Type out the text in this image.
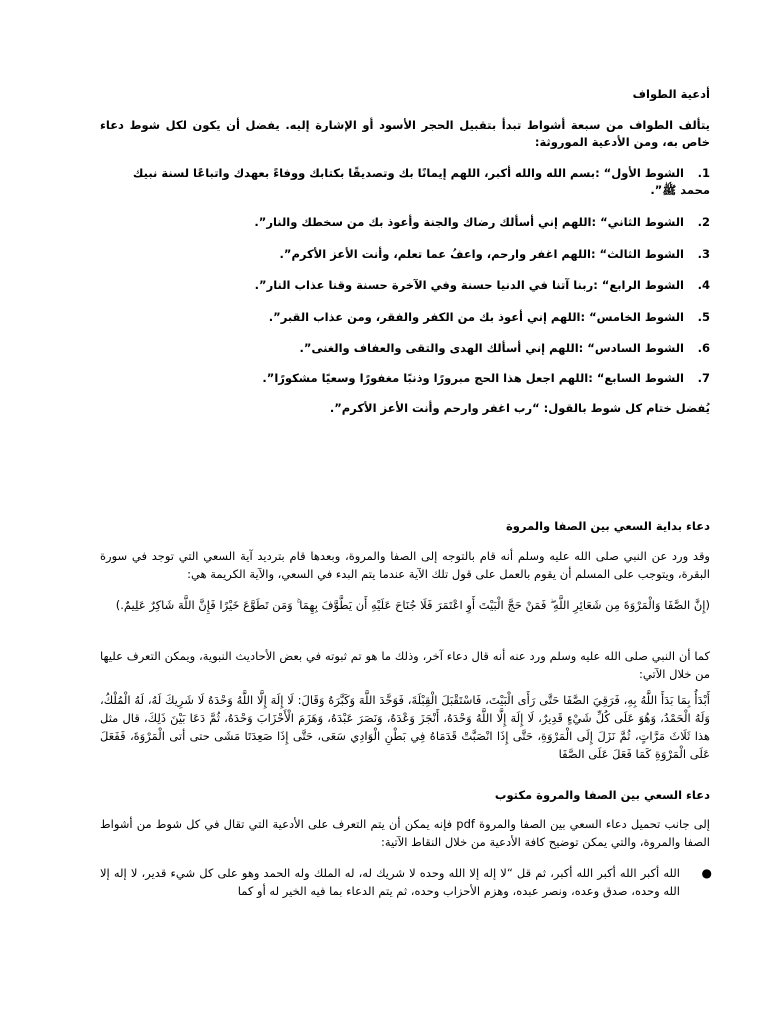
أدعية الطواف
يتألف الطواف من سبعة أشواط تبدأ بتقبيل الحجر الأسود أو الإشارة إليه. يفضل أن يكون لكل شوط دعاء خاص به، ومن الأدعية الموروثة:
1.الشوط الأول“ :بسم الله والله أكبر، اللهم إيمانًا بك وتصديقًا بكتابك ووفاءً بعهدك واتباعًا لسنة نبيك محمد ﷺ”.
2.الشوط الثاني“ :اللهم إني أسألك رضاك والجنة وأعوذ بك من سخطك والنار”.
3.الشوط الثالث“ :اللهم اغفر وارحم، واعفُ عما تعلم، وأنت الأعز الأكرم”.
4.الشوط الرابع“ :ربنا آتنا في الدنيا حسنة وفي الآخرة حسنة وقنا عذاب النار”.
5.الشوط الخامس“ :اللهم إني أعوذ بك من الكفر والفقر، ومن عذاب القبر”.
6.الشوط السادس“ :اللهم إني أسألك الهدى والتقى والعفاف والغنى”.
7.الشوط السابع“ :اللهم اجعل هذا الحج مبرورًا وذنبًا مغفورًا وسعيًا مشكورًا”.
يُفضل ختام كل شوط بالقول: “رب اغفر وارحم وأنت الأعز الأكرم”.
دعاء بداية السعي بين الصفا والمروة
وقد ورد عن النبي صلى الله عليه وسلم أنه قام بالتوجه إلى الصفا والمروة، وبعدها قام بترديد آية السعي التي توجد في سورة البقرة، ويتوجب على المسلم أن يقوم بالعمل على قول تلك الآية عندما يتم البدء في السعي، والآية الكريمة هي:
(إِنَّ الصَّفَا وَالْمَرْوَةَ مِن شَعَائِرِ اللَّهِ ۖ فَمَنْ حَجَّ الْبَيْتَ أَوِ اعْتَمَرَ فَلَا جُنَاحَ عَلَيْهِ أَن يَطَّوَّفَ بِهِمَا ۚ وَمَن تَطَوَّعَ خَيْرًا فَإِنَّ اللَّهَ شَاكِرٌ عَلِيمٌ.)
كما أن النبي صلى الله عليه وسلم ورد عنه أنه قال دعاء آخر، وذلك ما هو تم ثبوته في بعض الأحاديث النبوية، ويمكن التعرف عليها من خلال الآتي:
أَبْدَأُ بِمَا بَدَأَ اللَّهُ بِهِ، فَرَقِيَ الصَّفَا حَتَّى رَأَى الْبَيْتَ، فَاسْتَقْبَلَ الْقِبْلَةَ، فَوَحَّدَ اللَّهَ وَكَبَّرَهُ وَقَالَ: لَا إِلَهَ إِلَّا اللَّهُ وَحْدَهُ لَا شَرِيكَ لَهُ، لَهُ الْمُلْكُ، وَلَهُ الْحَمْدُ، وَهُوَ عَلَى كُلِّ شَيْءٍ قَدِيرٌ، لَا إِلَهَ إِلَّا اللَّهُ وَحْدَهُ، أَنْجَزَ وَعْدَهُ، وَنَصَرَ عَبْدَهُ، وَهَزَمَ الْأَحْزَابَ وَحْدَهُ، ثُمَّ دَعَا بَيْنَ ذَلِكَ، قال مثل هذا ثَلَاثَ مَرَّاتٍ، ثُمَّ نَزَلَ إِلَى الْمَرْوَةِ، حَتَّى إِذَا انْصَبَّتْ قَدَمَاهُ فِي بَطْنِ الْوَادِي سَعَى، حَتَّى إِذَا صَعِدَتَا مَشَى حتى أتى الْمَرْوَةَ، فَفَعَلَ عَلَى الْمَرْوَةِ كَمَا فَعَلَ عَلَى الصَّفَا
دعاء السعي بين الصفا والمروة مكتوب
إلى جانب تحميل دعاء السعي بين الصفا والمروة pdf فإنه يمكن أن يتم التعرف على الأدعية التي تقال في كل شوط من أشواط الصفا والمروة، والتي يمكن توضيح كافة الأدعية من خلال النقاط الآتية:
●
الله أكبر الله أكبر الله أكبر، ثم قل “لا إله إلا الله وحده لا شريك له، له الملك وله الحمد وهو على كل شيء قدير، لا إله إلا الله وحده، صدق وعده، ونصر عبده، وهزم الأحزاب وحده، ثم يتم الدعاء بما فيه الخير له أو كما
